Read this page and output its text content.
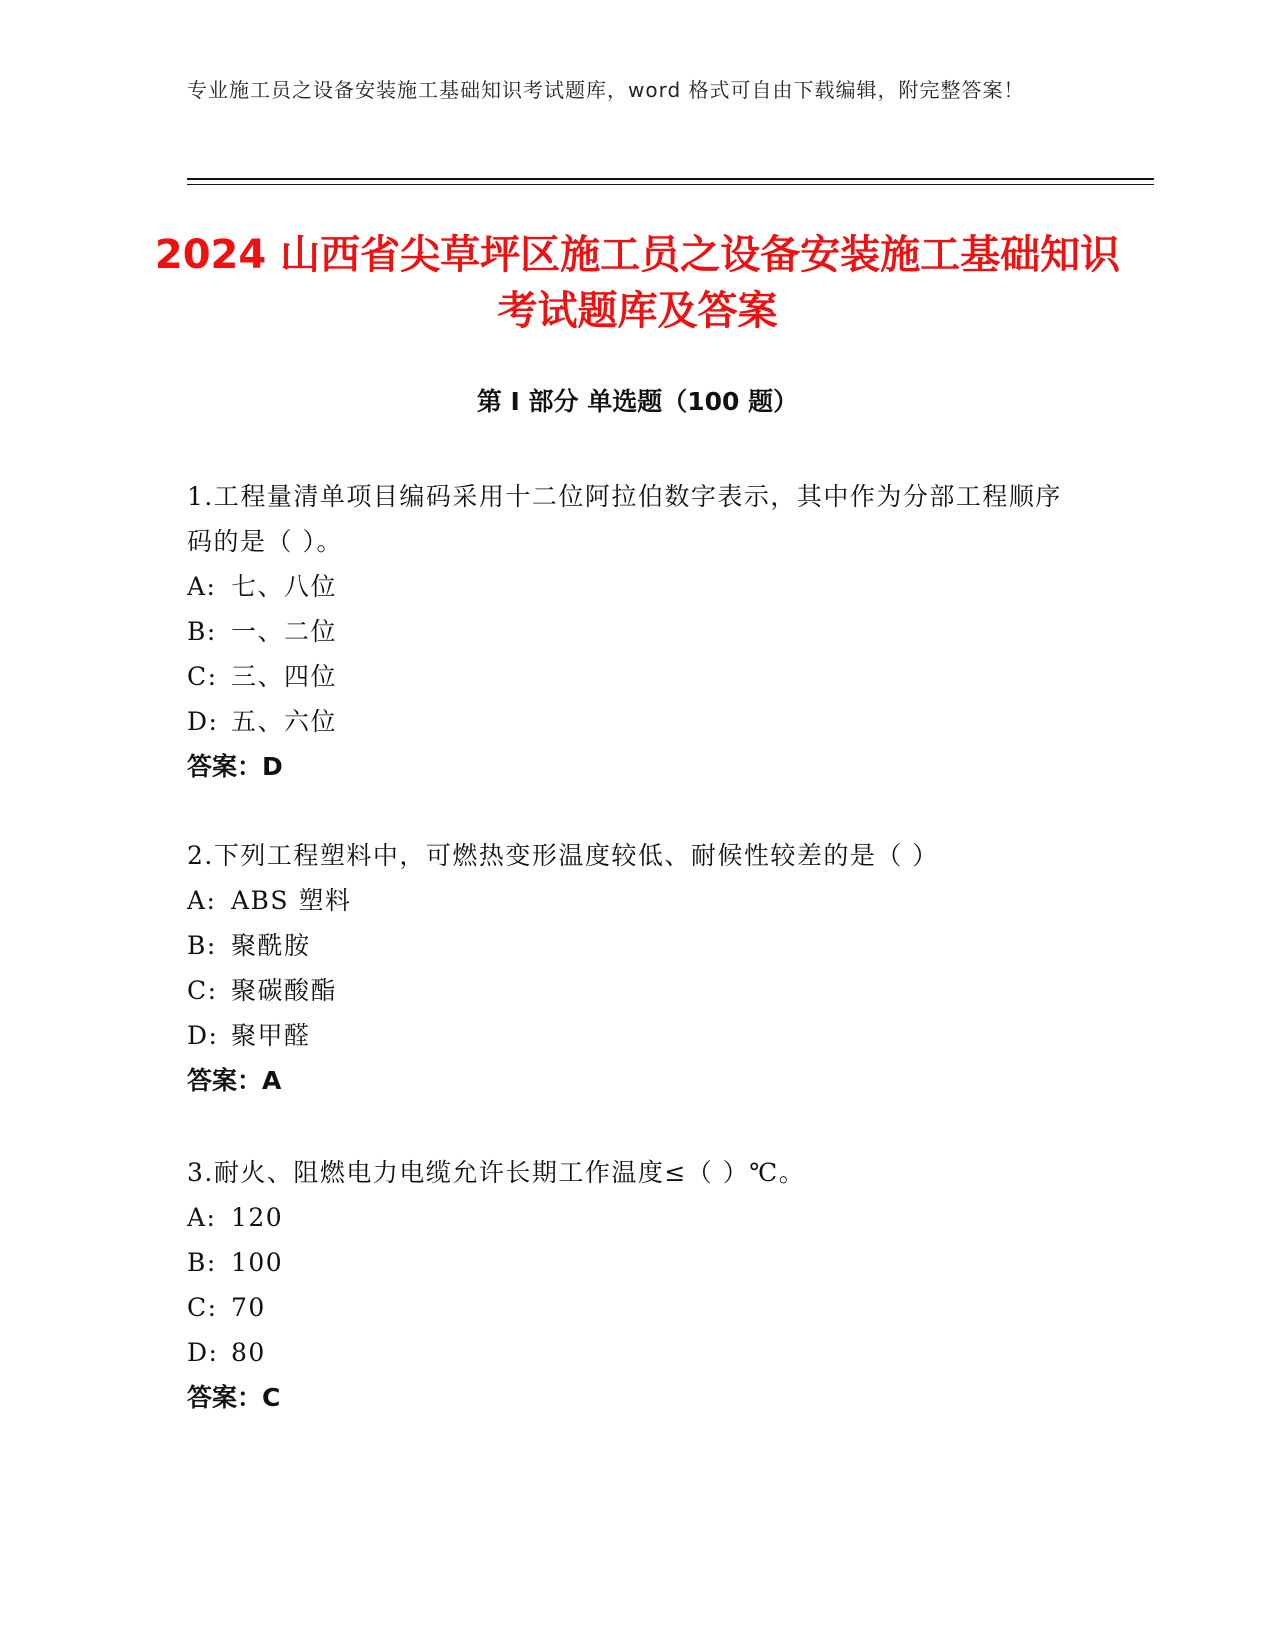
专业施工员之设备安装施工基础知识考试题库，word 格式可自由下载编辑，附完整答案！
2024 山西省尖草坪区施工员之设备安装施工基础知识考试题库及答案
第 I 部分 单选题（100 题）

1.工程量清单项目编码采用十二位阿拉伯数字表示，其中作为分部工程顺序码的是（ ）。

A: 七、八位

B: 一、二位

C: 三、四位

D: 五、六位

答案：D

2.下列工程塑料中，可燃热变形温度较低、耐候性较差的是（ ）

A: ABS 塑料

B: 聚酰胺

C: 聚碳酸酯

D: 聚甲醛

答案：A

3.耐火、阻燃电力电缆允许长期工作温度≤（ ）℃。

A: 120

B: 100

C: 70

D: 80

答案：C
